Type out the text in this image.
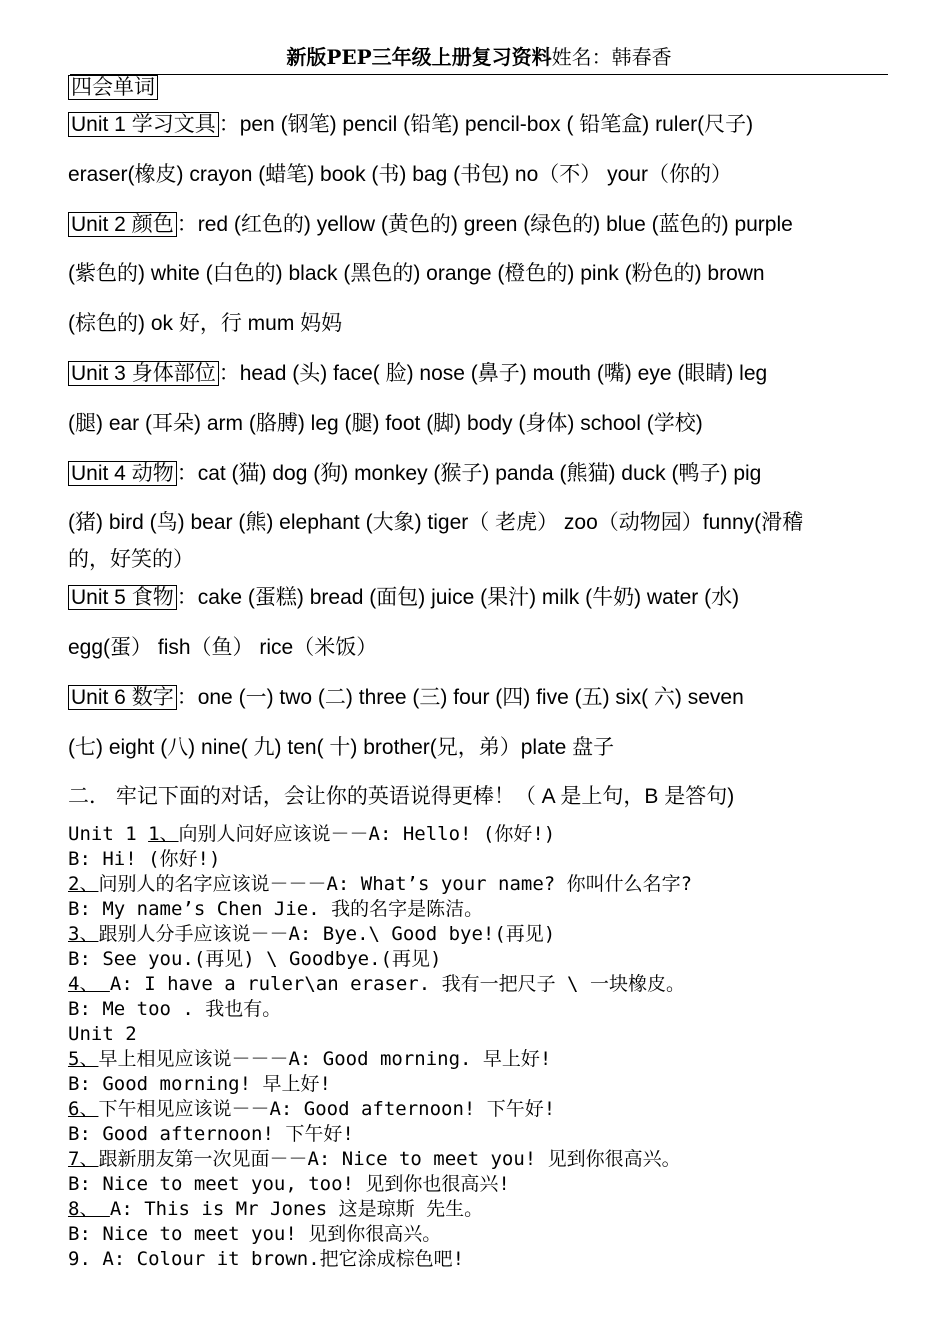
新版PEP三年级上册复习资料姓名：韩春香
四会单词
Unit 1 学习文具 ：pen (钢笔) pencil (铅笔) pencil-box ( 铅笔盒) ruler(尺子)
eraser(橡皮) crayon (蜡笔) book (书) bag (书包) no（不） your（你的）
Unit 2 颜色 ：red (红色的) yellow (黄色的) green (绿色的) blue (蓝色的) purple
(紫色的) white (白色的) black (黑色的) orange (橙色的) pink (粉色的) brown
(棕色的) ok 好，行 mum 妈妈
Unit 3 身体部位 ：head (头) face( 脸) nose (鼻子) mouth (嘴) eye (眼睛) leg
(腿) ear (耳朵) arm (胳膊) leg (腿) foot (脚) body (身体) school (学校)
Unit 4 动物 ：cat (猫) dog (狗) monkey (猴子) panda (熊猫) duck (鸭子) pig
(猪) bird (鸟) bear (熊) elephant (大象) tiger（ 老虎） zoo（动物园）funny(滑稽
的，好笑的）
Unit 5 食物 ：cake (蛋糕) bread (面包) juice (果汁) milk (牛奶) water (水)
egg(蛋） fish（鱼） rice（米饭）
Unit 6 数字 ：one (一) two (二) three (三) four (四) five (五) six( 六) seven
(七) eight (八) nine( 九) ten( 十) brother(兄，弟）plate 盘子
二． 牢记下面的对话，会让你的英语说得更棒！（ A 是上句，B 是答句)
Unit 1 1、向别人问好应该说－－A: Hello! (你好!)
B: Hi! (你好!)
2、问别人的名字应该说－－－A: What’s your name? 你叫什么名字?
B: My name’s Chen Jie. 我的名字是陈洁。
3、跟别人分手应该说－－A: Bye.\ Good bye!(再见)
B: See you.(再见) \ Goodbye.(再见)
4、 A: I have a ruler\an eraser. 我有一把尺子 \ 一块橡皮。
B: Me too . 我也有。
Unit 2
5、早上相见应该说－－－A: Good morning. 早上好!
B: Good morning! 早上好!
6、下午相见应该说－－A: Good afternoon! 下午好!
B: Good afternoon! 下午好!
7、跟新朋友第一次见面－－A: Nice to meet you! 见到你很高兴。
B: Nice to meet you, too! 见到你也很高兴!
8、 A: This is Mr Jones 这是琼斯 先生。
B: Nice to meet you! 见到你很高兴。
9. A: Colour it brown.把它涂成棕色吧!
